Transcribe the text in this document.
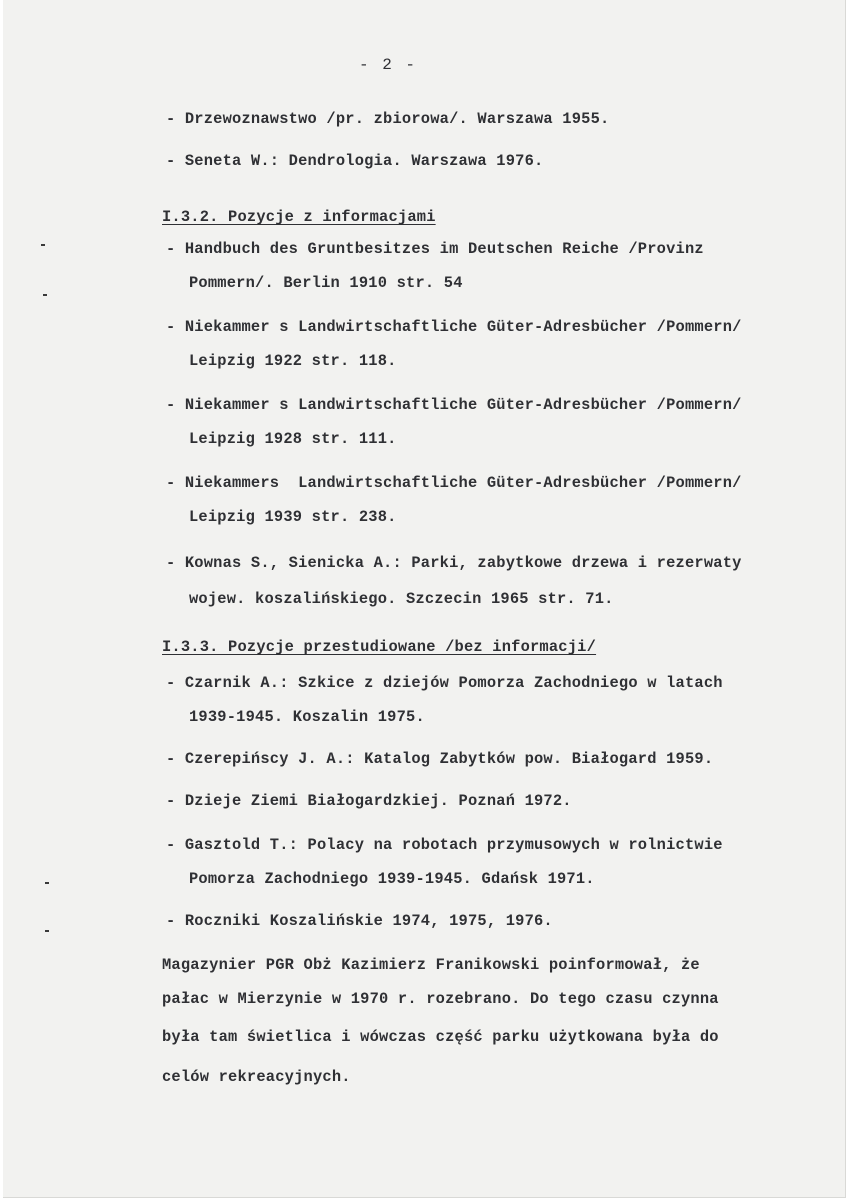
- 2 -
- Drzewoznawstwo /pr. zbiorowa/. Warszawa 1955.
- Seneta W.: Dendrologia. Warszawa 1976.
I.3.2. Pozycje z informacjami
- Handbuch des Gruntbesitzes im Deutschen Reiche /Provinz
Pommern/. Berlin 1910 str. 54
- Niekammer s Landwirtschaftliche Güter-Adresbücher /Pommern/
Leipzig 1922 str. 118.
- Niekammer s Landwirtschaftliche Güter-Adresbücher /Pommern/
Leipzig 1928 str. 111.
- Niekammers  Landwirtschaftliche Güter-Adresbücher /Pommern/
Leipzig 1939 str. 238.
- Kownas S., Sienicka A.: Parki, zabytkowe drzewa i rezerwaty
wojew. koszalińskiego. Szczecin 1965 str. 71.
I.3.3. Pozycje przestudiowane /bez informacji/
- Czarnik A.: Szkice z dziejów Pomorza Zachodniego w latach
1939-1945. Koszalin 1975.
- Czerepińscy J. A.: Katalog Zabytków pow. Białogard 1959.
- Dzieje Ziemi Białogardzkiej. Poznań 1972.
- Gasztold T.: Polacy na robotach przymusowych w rolnictwie
Pomorza Zachodniego 1939-1945. Gdańsk 1971.
- Roczniki Koszalińskie 1974, 1975, 1976.
Magazynier PGR Obż Kazimierz Franikowski poinformował, że
pałac w Mierzynie w 1970 r. rozebrano. Do tego czasu czynna
była tam świetlica i wówczas część parku użytkowana była do
celów rekreacyjnych.
